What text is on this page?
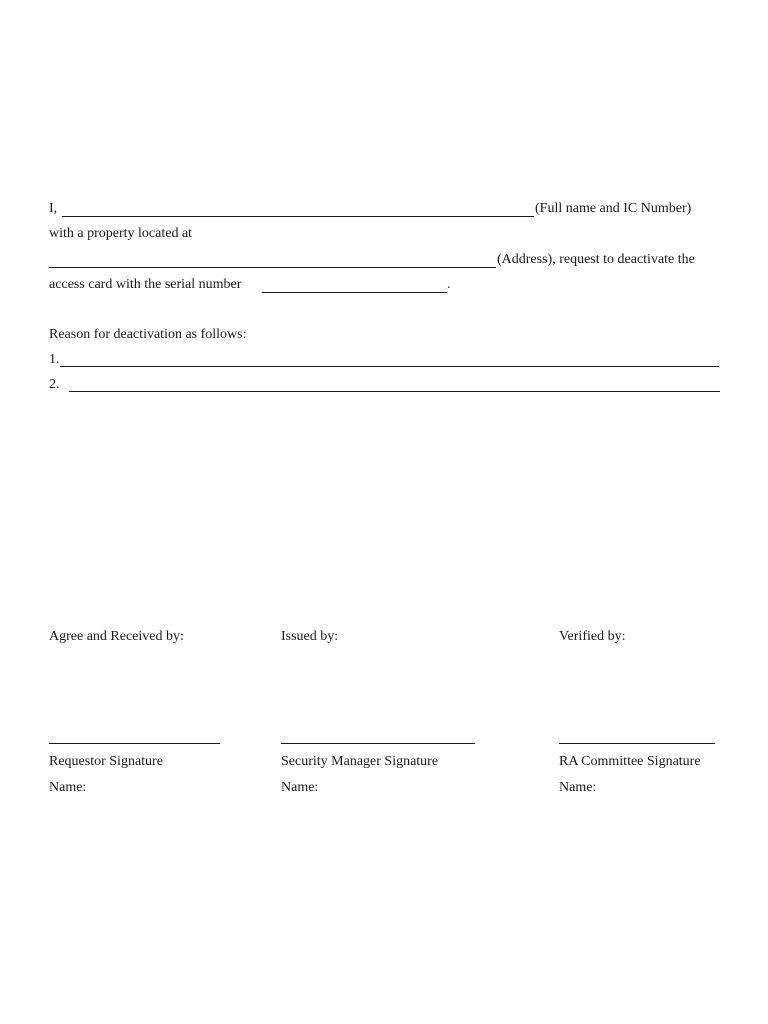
I,	(Full name and IC Number)
with a property located at
(Address), request to deactivate the
access card with the serial number	.
Reason for deactivation as follows:
1.
2.
Agree and Received by:
Requestor Signature
Name:
Issued by:
Security Manager Signature
Name:
Verified by:
RA Committee Signature
Name:
